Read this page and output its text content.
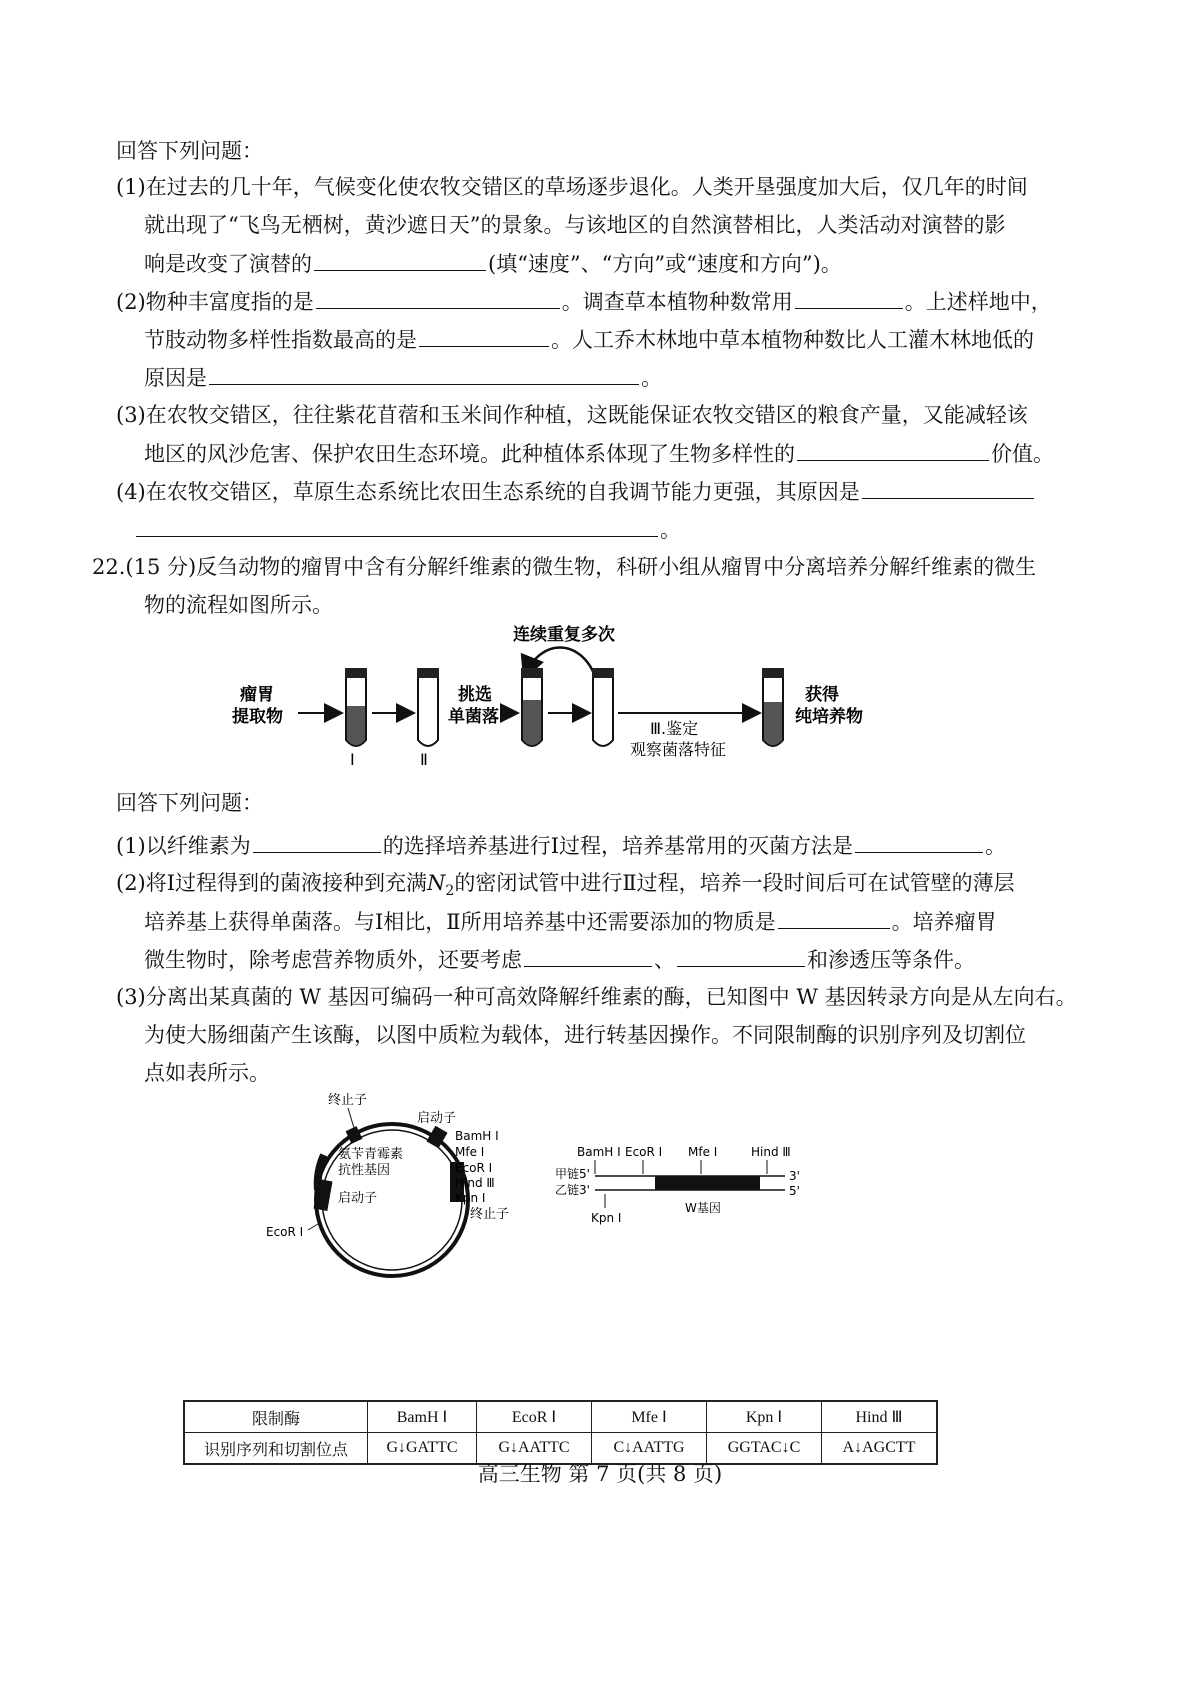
回答下列问题：
(1)在过去的几十年，气候变化使农牧交错区的草场逐步退化。人类开垦强度加大后，仅几年的时间
就出现了“飞鸟无栖树，黄沙遮日天”的景象。与该地区的自然演替相比，人类活动对演替的影
响是改变了演替的	(填“速度”、“方向”或“速度和方向”)。
(2)物种丰富度指的是	。调查草本植物种数常用	。上述样地中，
节肢动物多样性指数最高的是	。人工乔木林地中草本植物种数比人工灌木林地低的
原因是	。
(3)在农牧交错区，往往紫花苜蓿和玉米间作种植，这既能保证农牧交错区的粮食产量，又能减轻该
地区的风沙危害、保护农田生态环境。此种植体系体现了生物多样性的	价值。
(4)在农牧交错区，草原生态系统比农田生态系统的自我调节能力更强，其原因是
。
22.(15 分)反刍动物的瘤胃中含有分解纤维素的微生物，科研小组从瘤胃中分离培养分解纤维素的微生
物的流程如图所示。
连续重复多次
瘤胃
提取物
Ⅰ	Ⅱ
挑选
单菌落
Ⅲ.鉴定
观察菌落特征
获得
纯培养物
回答下列问题：
(1)以纤维素为	的选择培养基进行Ⅰ过程，培养基常用的灭菌方法是	。
(2)将Ⅰ过程得到的菌液接种到充满$N_2$的密闭试管中进行Ⅱ过程，培养一段时间后可在试管壁的薄层
培养基上获得单菌落。与Ⅰ相比，Ⅱ所用培养基中还需要添加的物质是	。培养瘤胃
微生物时，除考虑营养物质外，还要考虑	、	和渗透压等条件。
(3)分离出某真菌的 W 基因可编码一种可高效降解纤维素的酶，已知图中 W 基因转录方向是从左向右。
为使大肠细菌产生该酶，以图中质粒为载体，进行转基因操作。不同限制酶的识别序列及切割位
点如表所示。
终止子
启动子
BamH Ⅰ
Mfe Ⅰ
EcoR Ⅰ
Hind Ⅲ
Kpn Ⅰ
终止子
氨苄青霉素
抗性基因
启动子
EcoR Ⅰ
BamH Ⅰ EcoR Ⅰ Mfe Ⅰ	Hind Ⅲ
甲链5'
乙链3'
3'
5'
Kpn Ⅰ
W基因
限制酶	BamH Ⅰ	EcoR Ⅰ	Mfe Ⅰ	Kpn Ⅰ	Hind Ⅲ
识别序列和切割位点	G↓GATTC	G↓AATTC	C↓AATTG	GGTAC↓C	A↓AGCTT
高三生物 第 7 页(共 8 页)
